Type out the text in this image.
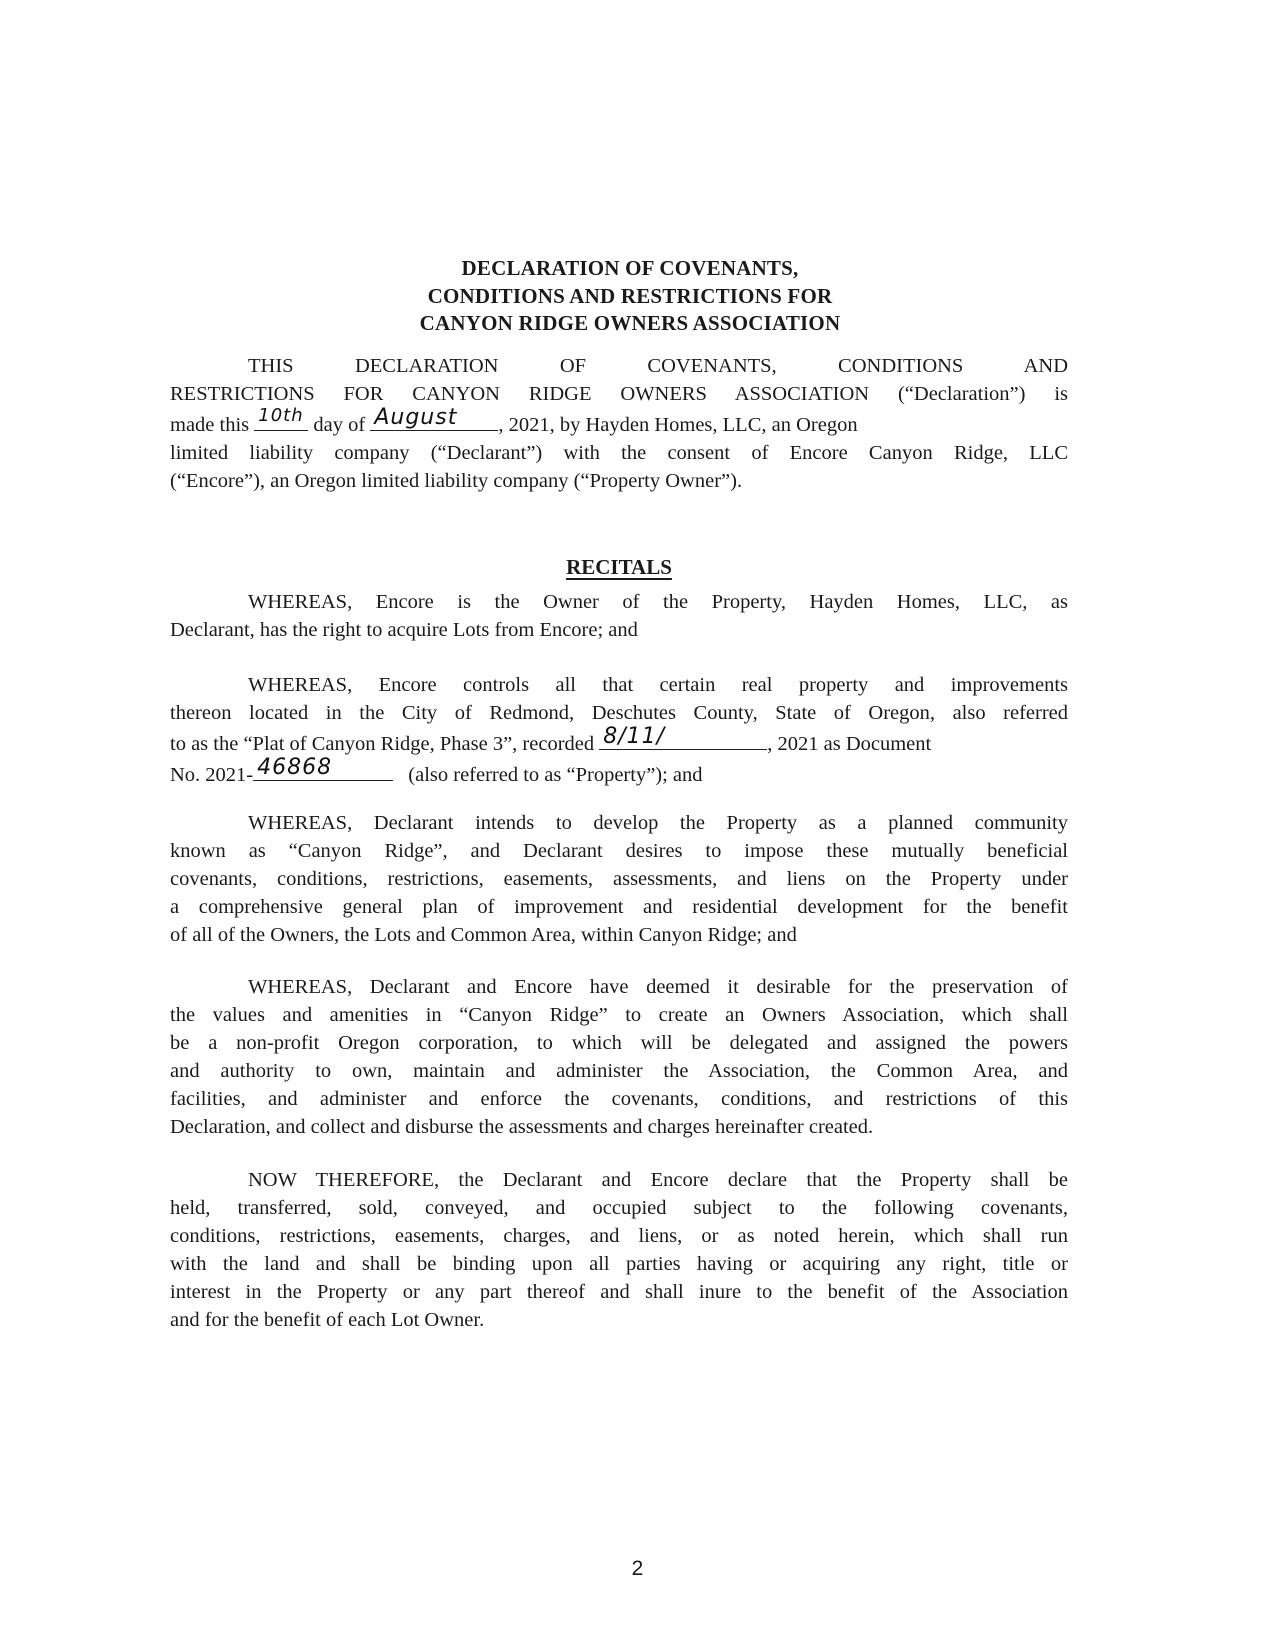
DECLARATION OF COVENANTS,
CONDITIONS AND RESTRICTIONS FOR
CANYON RIDGE OWNERS ASSOCIATION
THIS DECLARATION OF COVENANTS, CONDITIONS AND
RESTRICTIONS FOR CANYON RIDGE OWNERS ASSOCIATION (“Declaration”) is
made this 10th day of August , 2021, by Hayden Homes, LLC, an Oregon
limited liability company (“Declarant”) with the consent of Encore Canyon Ridge, LLC
(“Encore”), an Oregon limited liability company (“Property Owner”).
RECITALS
WHEREAS, Encore is the Owner of the Property, Hayden Homes, LLC, as
Declarant, has the right to acquire Lots from Encore; and
WHEREAS, Encore controls all that certain real property and improvements
thereon located in the City of Redmond, Deschutes County, State of Oregon, also referred
to as the “Plat of Canyon Ridge, Phase 3”, recorded 8/11/	, 2021 as Document
No. 2021- 46868	(also referred to as “Property”); and
WHEREAS, Declarant intends to develop the Property as a planned community
known as “Canyon Ridge”, and Declarant desires to impose these mutually beneficial
covenants, conditions, restrictions, easements, assessments, and liens on the Property under
a comprehensive general plan of improvement and residential development for the benefit
of all of the Owners, the Lots and Common Area, within Canyon Ridge; and
WHEREAS, Declarant and Encore have deemed it desirable for the preservation of
the values and amenities in “Canyon Ridge” to create an Owners Association, which shall
be a non-profit Oregon corporation, to which will be delegated and assigned the powers
and authority to own, maintain and administer the Association, the Common Area, and
facilities, and administer and enforce the covenants, conditions, and restrictions of this
Declaration, and collect and disburse the assessments and charges hereinafter created.
NOW THEREFORE, the Declarant and Encore declare that the Property shall be
held, transferred, sold, conveyed, and occupied subject to the following covenants,
conditions, restrictions, easements, charges, and liens, or as noted herein, which shall run
with the land and shall be binding upon all parties having or acquiring any right, title or
interest in the Property or any part thereof and shall inure to the benefit of the Association
and for the benefit of each Lot Owner.
2
